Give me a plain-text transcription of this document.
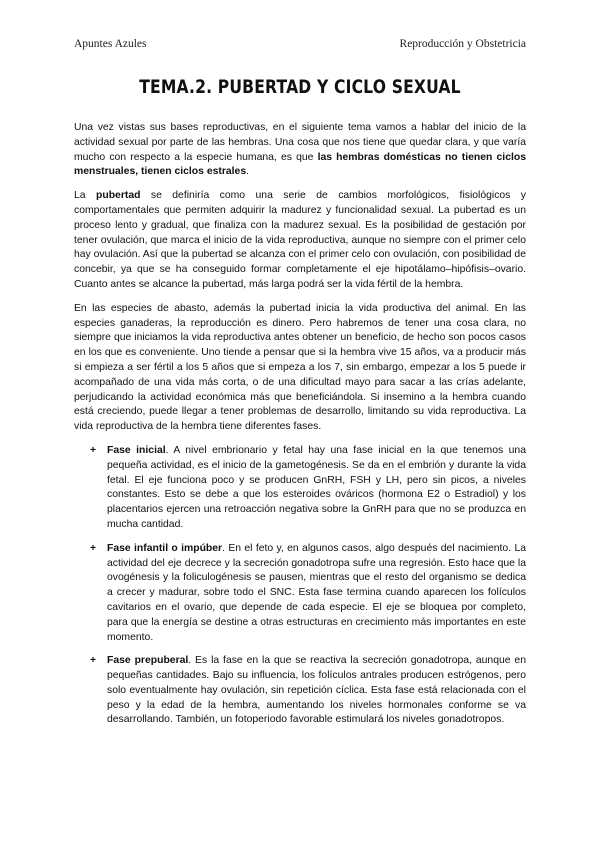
Apuntes Azules	Reproducción y Obstetricia
TEMA.2. PUBERTAD Y CICLO SEXUAL

Una vez vistas sus bases reproductivas, en el siguiente tema vamos a hablar del inicio de la actividad sexual por parte de las hembras. Una cosa que nos tiene que quedar clara, y que varía mucho con respecto a la especie humana, es que las hembras domésticas no tienen ciclos menstruales, tienen ciclos estrales.

La pubertad se definiría como una serie de cambios morfológicos, fisiológicos y comportamentales que permiten adquirir la madurez y funcionalidad sexual. La pubertad es un proceso lento y gradual, que finaliza con la madurez sexual. Es la posibilidad de gestación por tener ovulación, que marca el inicio de la vida reproductiva, aunque no siempre con el primer celo hay ovulación. Así que la pubertad se alcanza con el primer celo con ovulación, con posibilidad de concebir, ya que se ha conseguido formar completamente el eje hipotálamo–hipófisis–ovario. Cuanto antes se alcance la pubertad, más larga podrá ser la vida fértil de la hembra.

En las especies de abasto, además la pubertad inicia la vida productiva del animal. En las especies ganaderas, la reproducción es dinero. Pero habremos de tener una cosa clara, no siempre que iniciamos la vida reproductiva antes obtener un beneficio, de hecho son pocos casos en los que es conveniente. Uno tiende a pensar que si la hembra vive 15 años, va a producir más si empieza a ser fértil a los 5 años que si empeza a los 7, sin embargo, empezar a los 5 puede ir acompañado de una vida más corta, o de una dificultad mayo para sacar a las crías adelante, perjudicando la actividad económica más que beneficiándola. Si insemino a la hembra cuando está creciendo, puede llegar a tener problemas de desarrollo, limitando su vida reproductiva. La vida reproductiva de la hembra tiene diferentes fases.

+ Fase inicial. A nivel embrionario y fetal hay una fase inicial en la que tenemos una pequeña actividad, es el inicio de la gametogénesis. Se da en el embrión y durante la vida fetal. El eje funciona poco y se producen GnRH, FSH y LH, pero sin picos, a niveles constantes. Esto se debe a que los esteroides ováricos (hormona E2 o Estradiol) y los placentarios ejercen una retroacción negativa sobre la GnRH para que no se produzca en mucha cantidad.
+ Fase infantil o impúber. En el feto y, en algunos casos, algo después del nacimiento. La actividad del eje decrece y la secreción gonadotropa sufre una regresión. Esto hace que la ovogénesis y la foliculogénesis se pausen, mientras que el resto del organismo se dedica a crecer y madurar, sobre todo el SNC. Esta fase termina cuando aparecen los folículos cavitarios en el ovario, que depende de cada especie. El eje se bloquea por completo, para que la energía se destine a otras estructuras en crecimiento más importantes en este momento.
+ Fase prepuberal. Es la fase en la que se reactiva la secreción gonadotropa, aunque en pequeñas cantidades. Bajo su influencia, los folículos antrales producen estrógenos, pero solo eventualmente hay ovulación, sin repetición cíclica. Esta fase está relacionada con el peso y la edad de la hembra, aumentando los niveles hormonales conforme se va desarrollando. También, un fotoperiodo favorable estimulará los niveles gonadotropos.
